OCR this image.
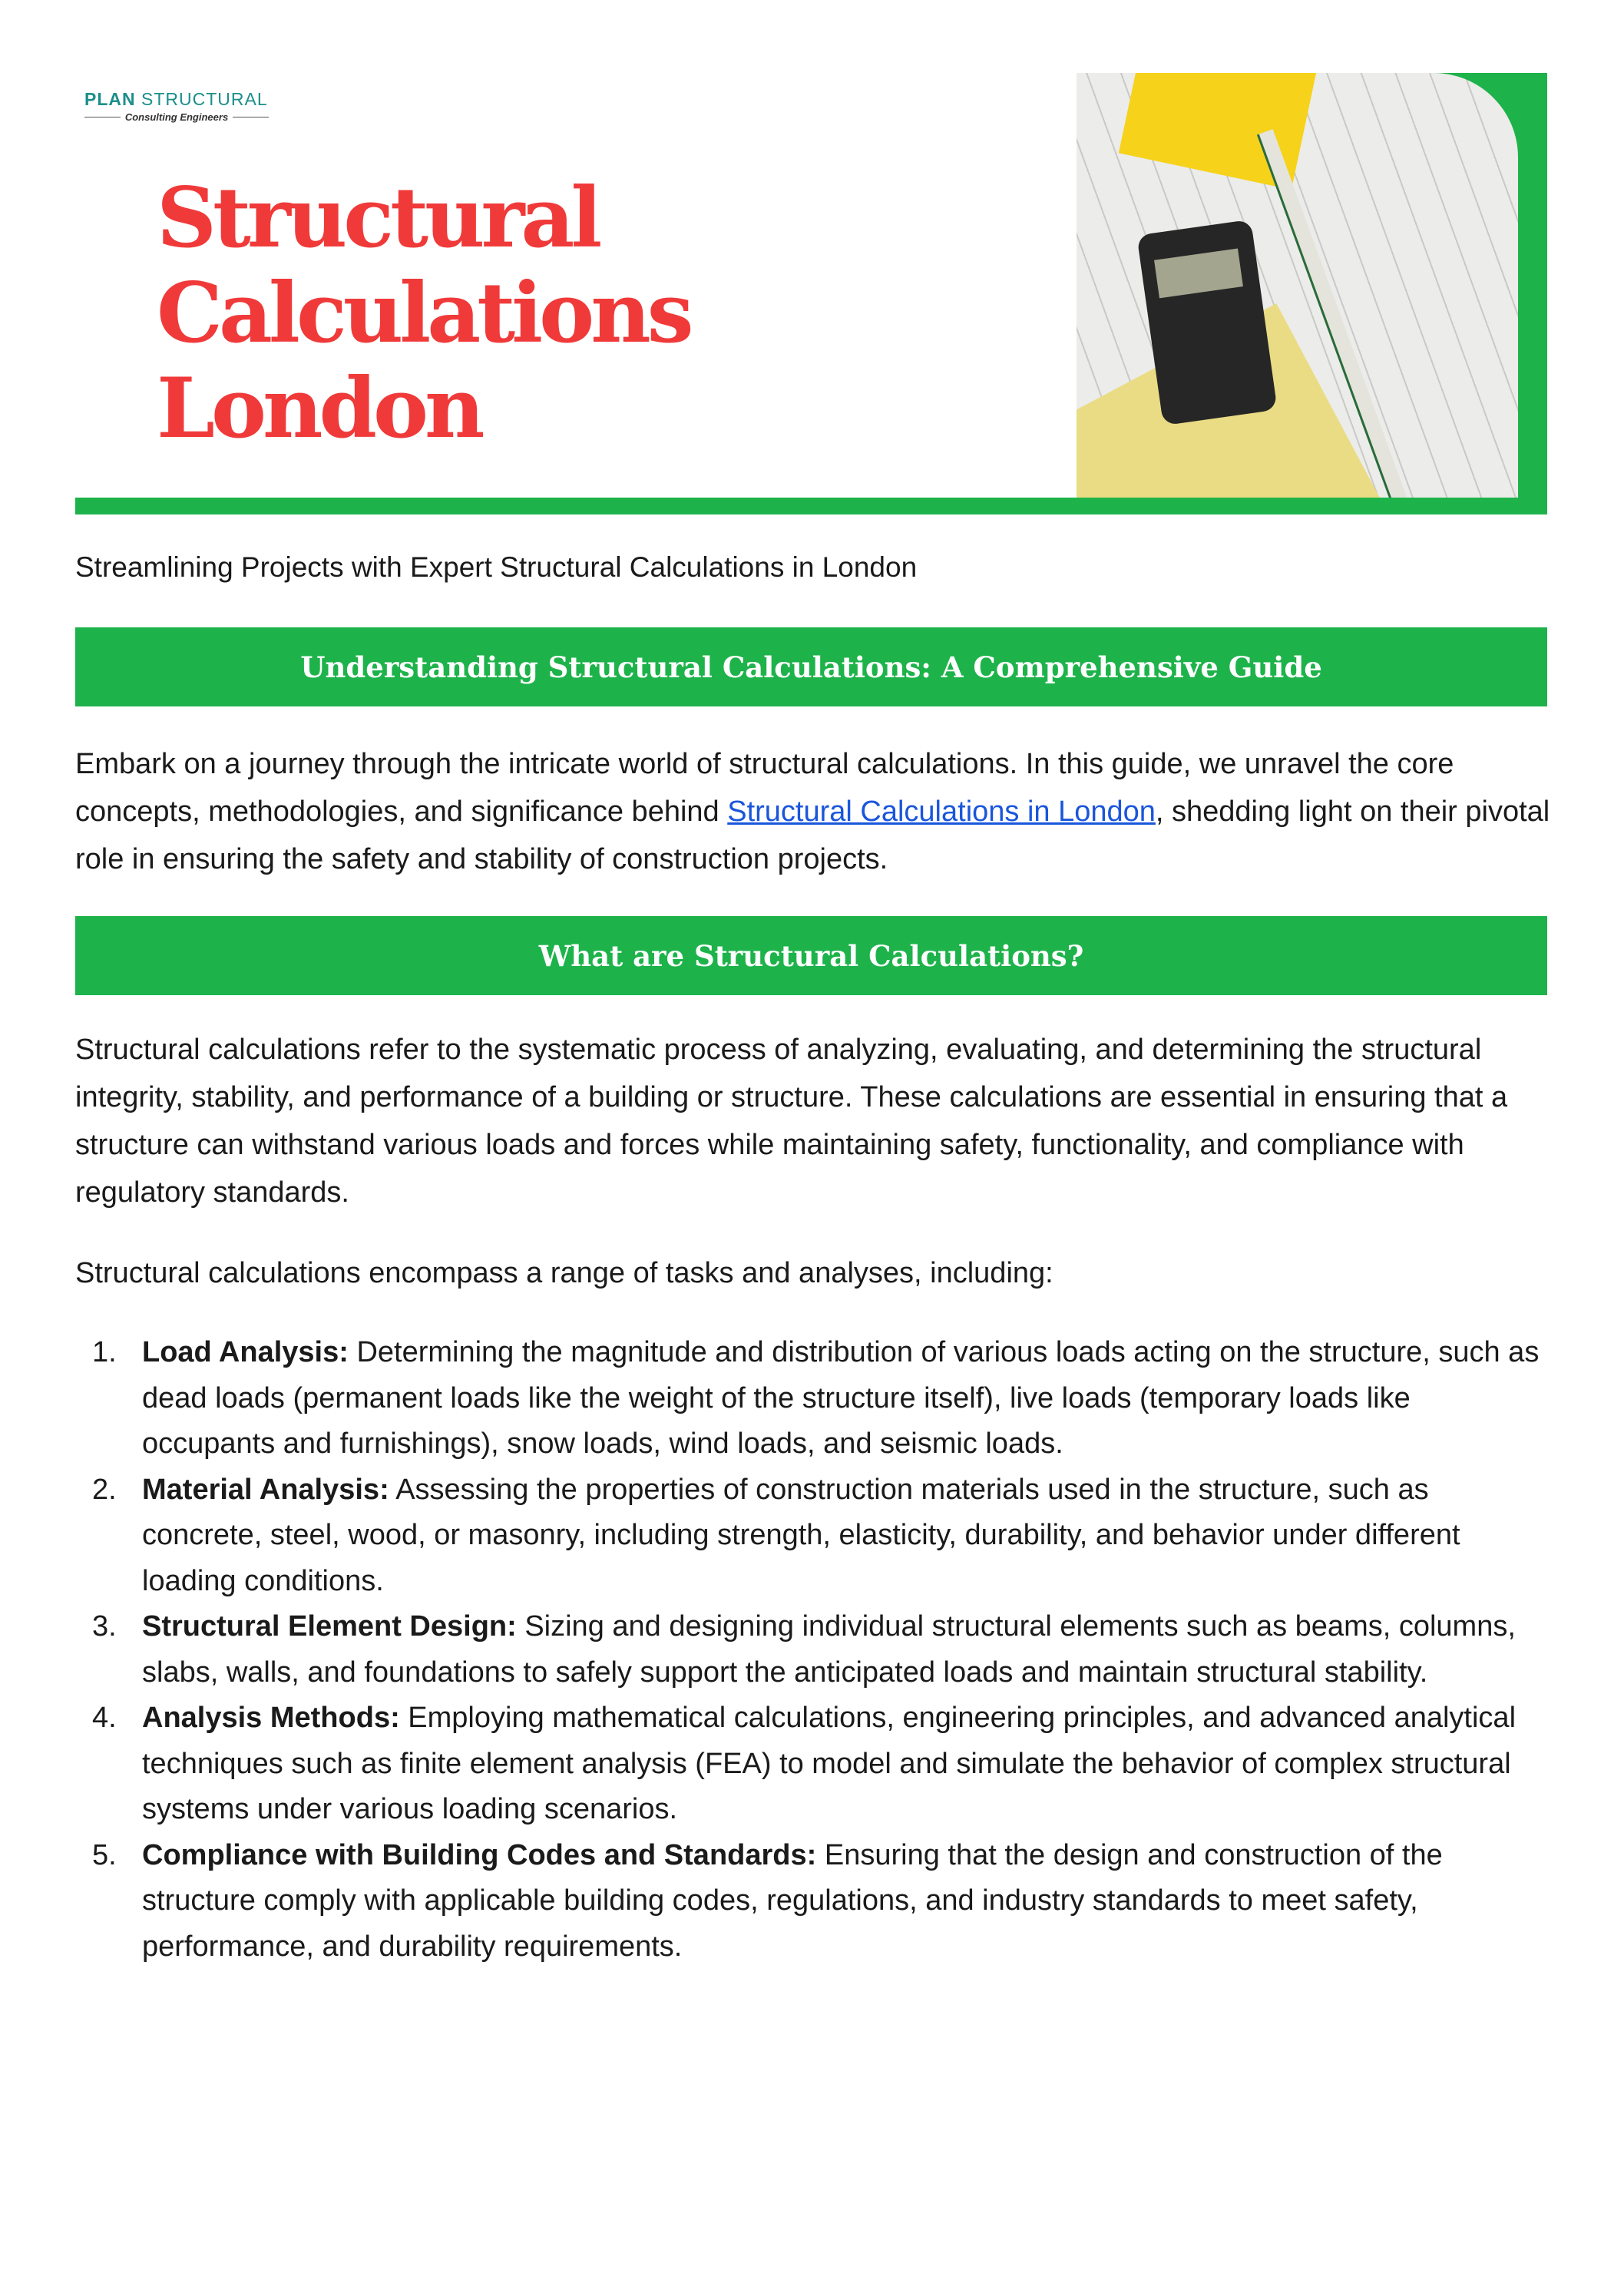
PLAN STRUCTURAL
Consulting Engineers
Structural
Calculations
London
Streamlining Projects with Expert Structural Calculations in London
Understanding Structural Calculations: A Comprehensive Guide

Embark on a journey through the intricate world of structural calculations. In this guide, we unravel the core concepts, methodologies, and significance behind Structural Calculations in London, shedding light on their pivotal role in ensuring the safety and stability of construction projects.

What are Structural Calculations?

Structural calculations refer to the systematic process of analyzing, evaluating, and determining the structural integrity, stability, and performance of a building or structure. These calculations are essential in ensuring that a structure can withstand various loads and forces while maintaining safety, functionality, and compliance with regulatory standards.

Structural calculations encompass a range of tasks and analyses, including:

1. Load Analysis: Determining the magnitude and distribution of various loads acting on the structure, such as dead loads (permanent loads like the weight of the structure itself), live loads (temporary loads like occupants and furnishings), snow loads, wind loads, and seismic loads.
2. Material Analysis: Assessing the properties of construction materials used in the structure, such as concrete, steel, wood, or masonry, including strength, elasticity, durability, and behavior under different loading conditions.
3. Structural Element Design: Sizing and designing individual structural elements such as beams, columns, slabs, walls, and foundations to safely support the anticipated loads and maintain structural stability.
4. Analysis Methods: Employing mathematical calculations, engineering principles, and advanced analytical techniques such as finite element analysis (FEA) to model and simulate the behavior of complex structural systems under various loading scenarios.
5. Compliance with Building Codes and Standards: Ensuring that the design and construction of the structure comply with applicable building codes, regulations, and industry standards to meet safety, performance, and durability requirements.
